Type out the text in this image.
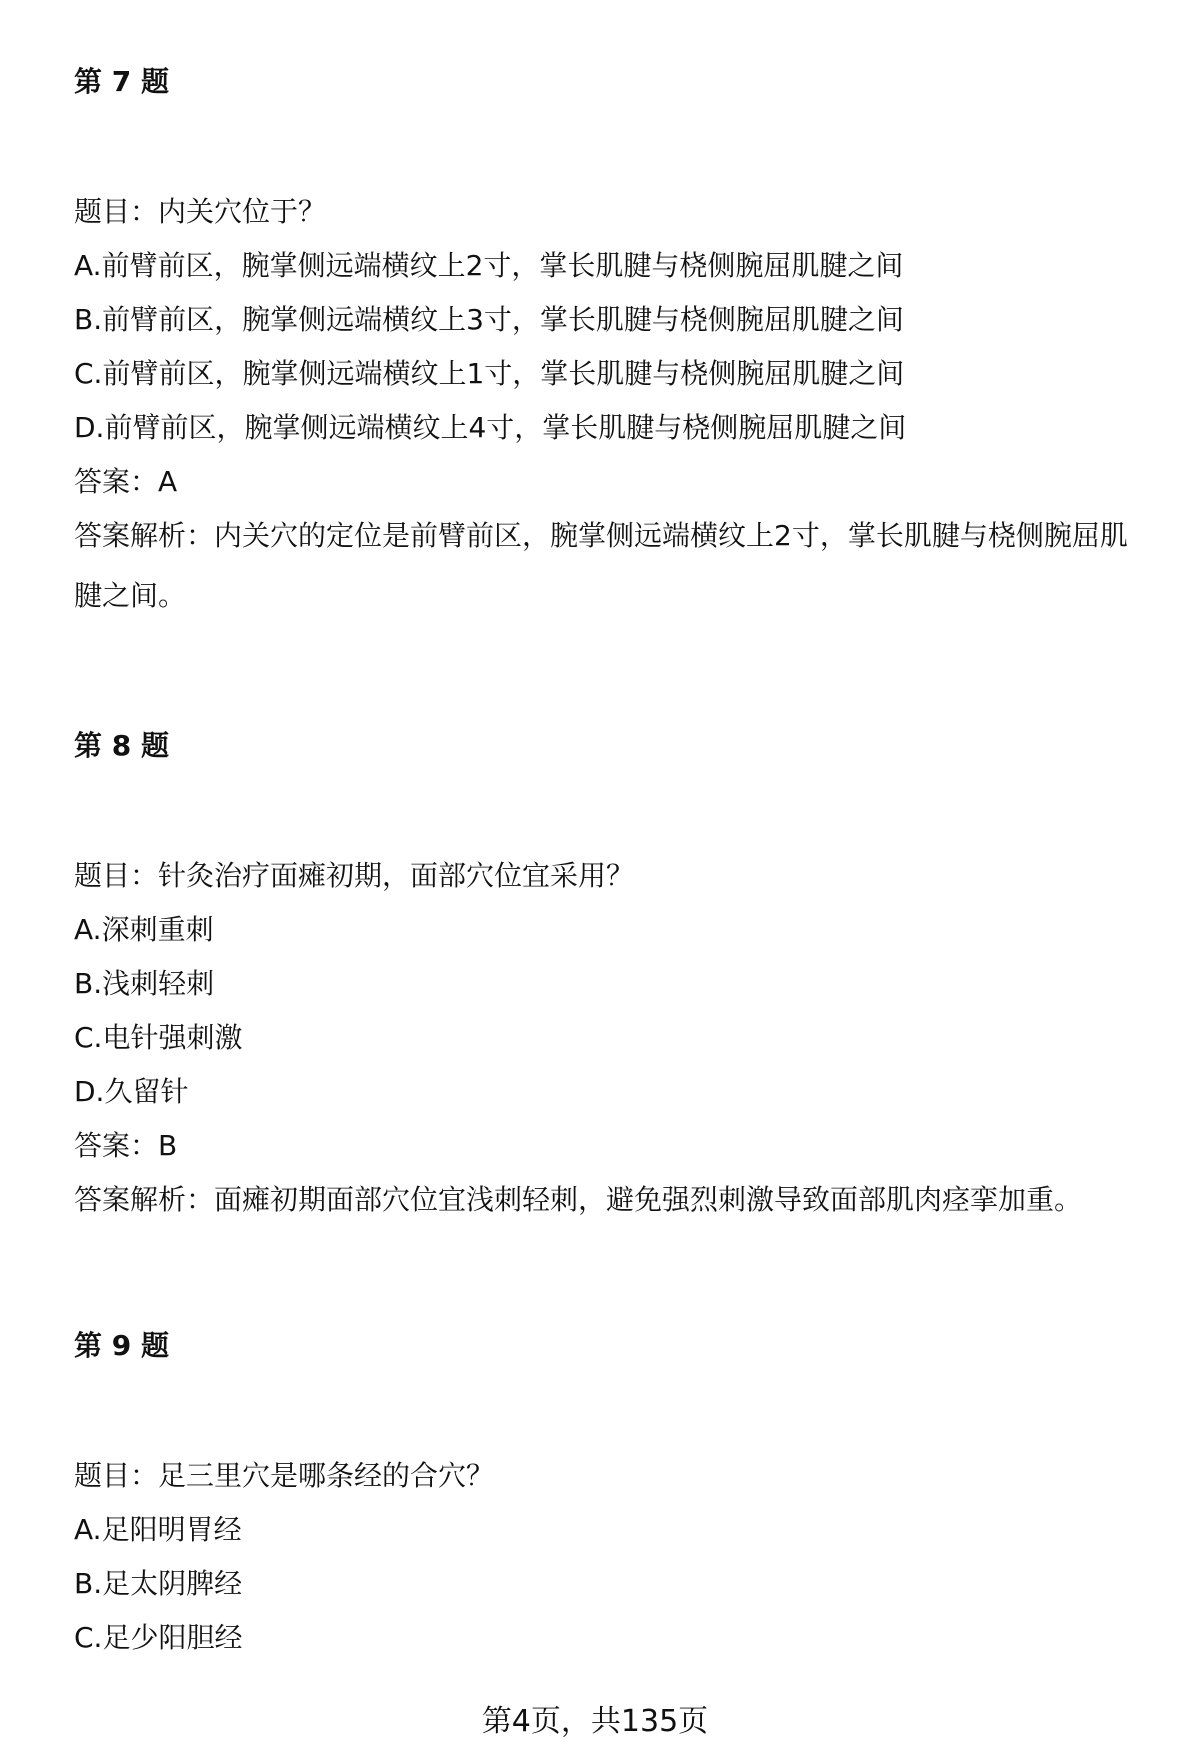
第 7 题
题目：内关穴位于？
A.前臂前区，腕掌侧远端横纹上2寸，掌长肌腱与桡侧腕屈肌腱之间
B.前臂前区，腕掌侧远端横纹上3寸，掌长肌腱与桡侧腕屈肌腱之间
C.前臂前区，腕掌侧远端横纹上1寸，掌长肌腱与桡侧腕屈肌腱之间
D.前臂前区，腕掌侧远端横纹上4寸，掌长肌腱与桡侧腕屈肌腱之间
答案：A
答案解析：内关穴的定位是前臂前区，腕掌侧远端横纹上2寸，掌长肌腱与桡侧腕屈肌腱之间。
第 8 题
题目：针灸治疗面瘫初期，面部穴位宜采用？
A.深刺重刺
B.浅刺轻刺
C.电针强刺激
D.久留针
答案：B
答案解析：面瘫初期面部穴位宜浅刺轻刺，避免强烈刺激导致面部肌肉痉挛加重。
第 9 题
题目：足三里穴是哪条经的合穴？
A.足阳明胃经
B.足太阴脾经
C.足少阳胆经
第4页，共135页
